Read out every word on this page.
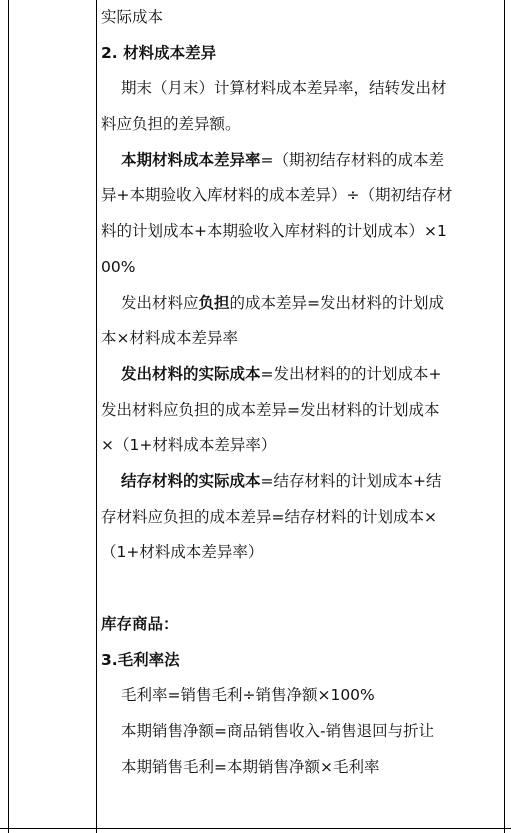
实际成本
2. 材料成本差异
期末（月末）计算材料成本差异率，结转发出材
料应负担的差异额。
本期材料成本差异率=（期初结存材料的成本差
异+本期验收入库材料的成本差异）÷（期初结存材
料的计划成本+本期验收入库材料的计划成本）×1
00%
发出材料应负担的成本差异=发出材料的计划成
本×材料成本差异率
发出材料的实际成本=发出材料的的计划成本+
发出材料应负担的成本差异=发出材料的计划成本
×（1+材料成本差异率）
结存材料的实际成本=结存材料的计划成本+结
存材料应负担的成本差异=结存材料的计划成本×
（1+材料成本差异率）
库存商品：
3.毛利率法
毛利率=销售毛利÷销售净额×100%
本期销售净额=商品销售收入-销售退回与折让
本期销售毛利=本期销售净额×毛利率
